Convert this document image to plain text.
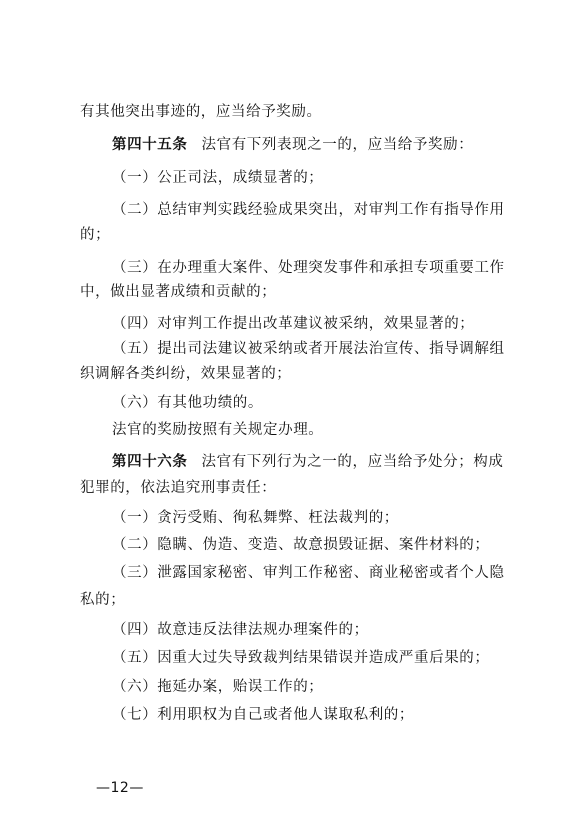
有其他突出事迹的，应当给予奖励。
第四十五条 法官有下列表现之一的，应当给予奖励：
（一）公正司法，成绩显著的；
（二）总结审判实践经验成果突出，对审判工作有指导作用
的；
（三）在办理重大案件、处理突发事件和承担专项重要工作
中，做出显著成绩和贡献的；
（四）对审判工作提出改革建议被采纳，效果显著的；
（五）提出司法建议被采纳或者开展法治宣传、指导调解组
织调解各类纠纷，效果显著的；
（六）有其他功绩的。
法官的奖励按照有关规定办理。
第四十六条 法官有下列行为之一的，应当给予处分；构成
犯罪的，依法追究刑事责任：
（一）贪污受贿、徇私舞弊、枉法裁判的；
（二）隐瞒、伪造、变造、故意损毁证据、案件材料的；
（三）泄露国家秘密、审判工作秘密、商业秘密或者个人隐
私的；
（四）故意违反法律法规办理案件的；
（五）因重大过失导致裁判结果错误并造成严重后果的；
（六）拖延办案，贻误工作的；
（七）利用职权为自己或者他人谋取私利的；
—12—
